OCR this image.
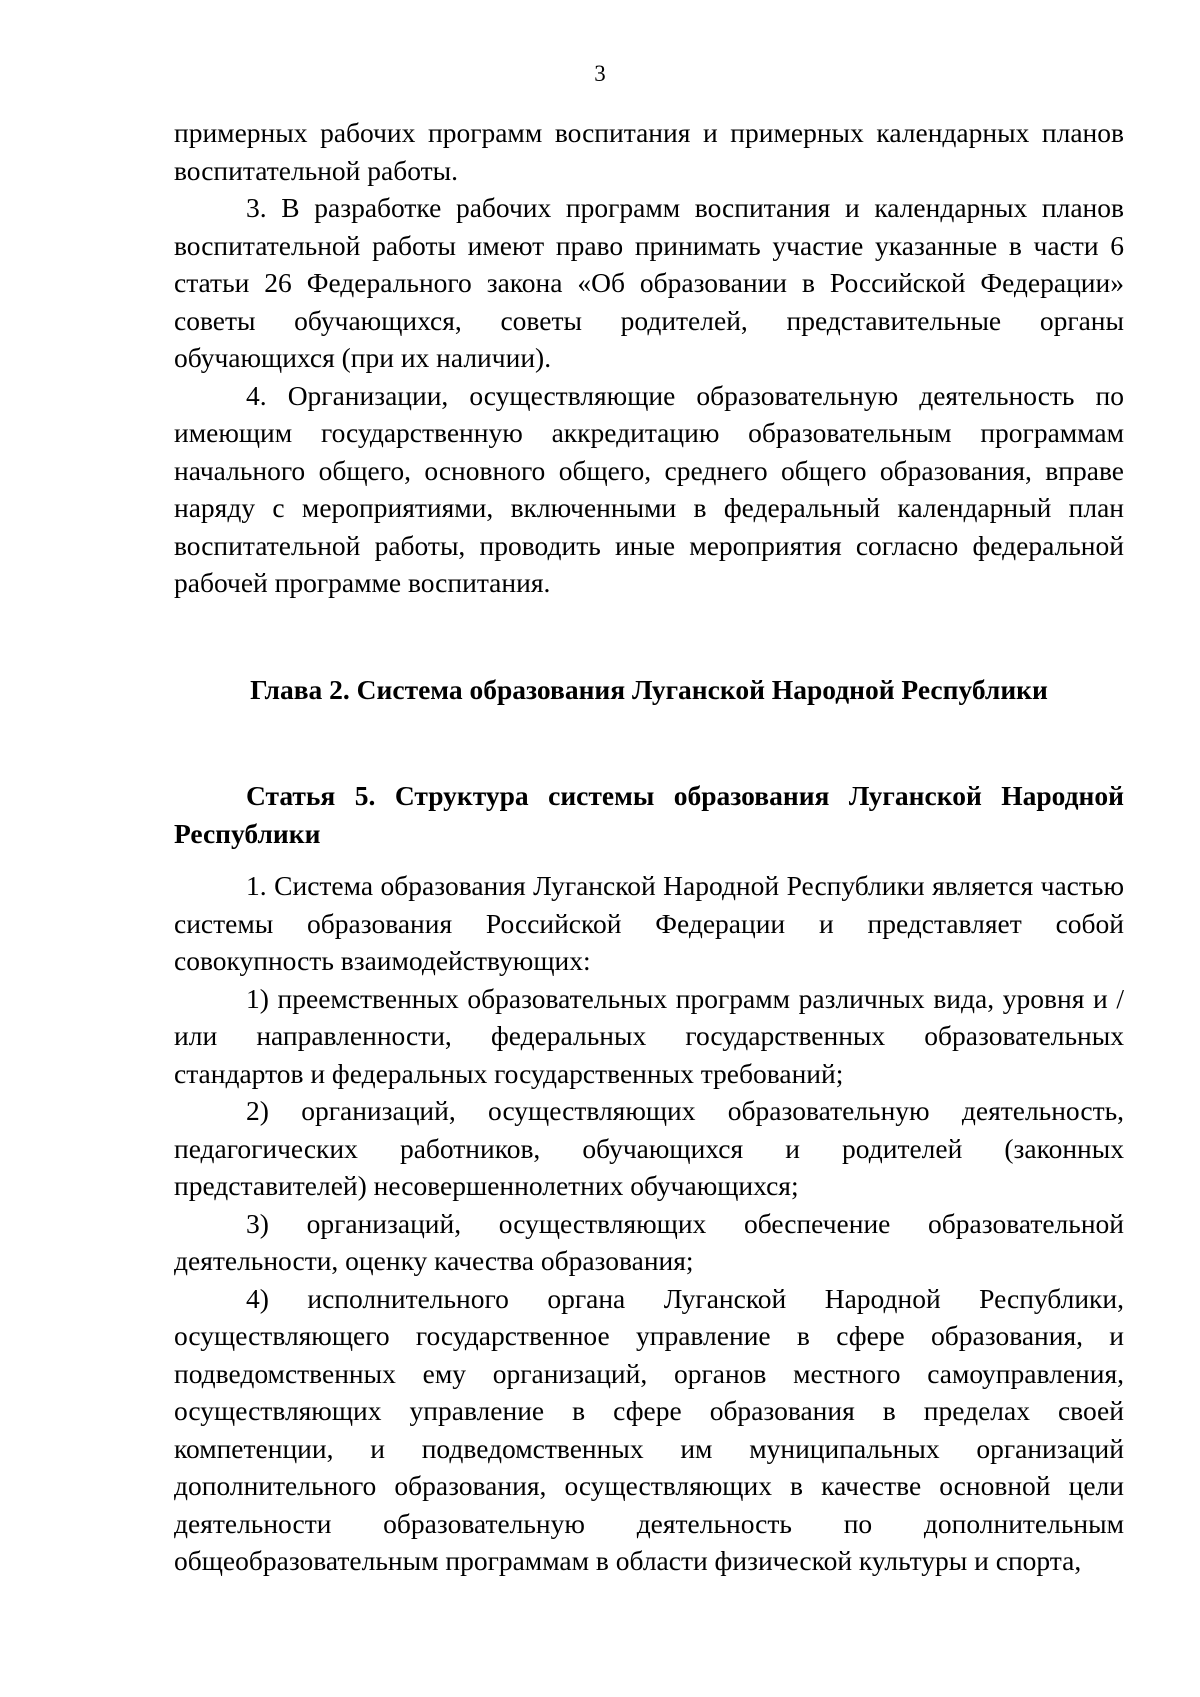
3

примерных рабочих программ воспитания и примерных календарных планов воспитательной работы.

3. В разработке рабочих программ воспитания и календарных планов воспитательной работы имеют право принимать участие указанные в части 6 статьи 26 Федерального закона «Об образовании в Российской Федерации» советы обучающихся, советы родителей, представительные органы обучающихся (при их наличии).

4. Организации, осуществляющие образовательную деятельность по имеющим государственную аккредитацию образовательным программам начального общего, основного общего, среднего общего образования, вправе наряду с мероприятиями, включенными в федеральный календарный план воспитательной работы, проводить иные мероприятия согласно федеральной рабочей программе воспитания.

Глава 2. Система образования Луганской Народной Республики

Статья 5. Структура системы образования Луганской Народной Республики

1. Система образования Луганской Народной Республики является частью системы образования Российской Федерации и представляет собой совокупность взаимодействующих:

1) преемственных образовательных программ различных вида, уровня и / или направленности, федеральных государственных образовательных стандартов и федеральных государственных требований;

2) организаций, осуществляющих образовательную деятельность, педагогических работников, обучающихся и родителей (законных представителей) несовершеннолетних обучающихся;

3) организаций, осуществляющих обеспечение образовательной деятельности, оценку качества образования;

4) исполнительного органа Луганской Народной Республики, осуществляющего государственное управление в сфере образования, и подведомственных ему организаций, органов местного самоуправления, осуществляющих управление в сфере образования в пределах своей компетенции, и подведомственных им муниципальных организаций дополнительного образования, осуществляющих в качестве основной цели деятельности образовательную деятельность по дополнительным общеобразовательным программам в области физической культуры и спорта,
